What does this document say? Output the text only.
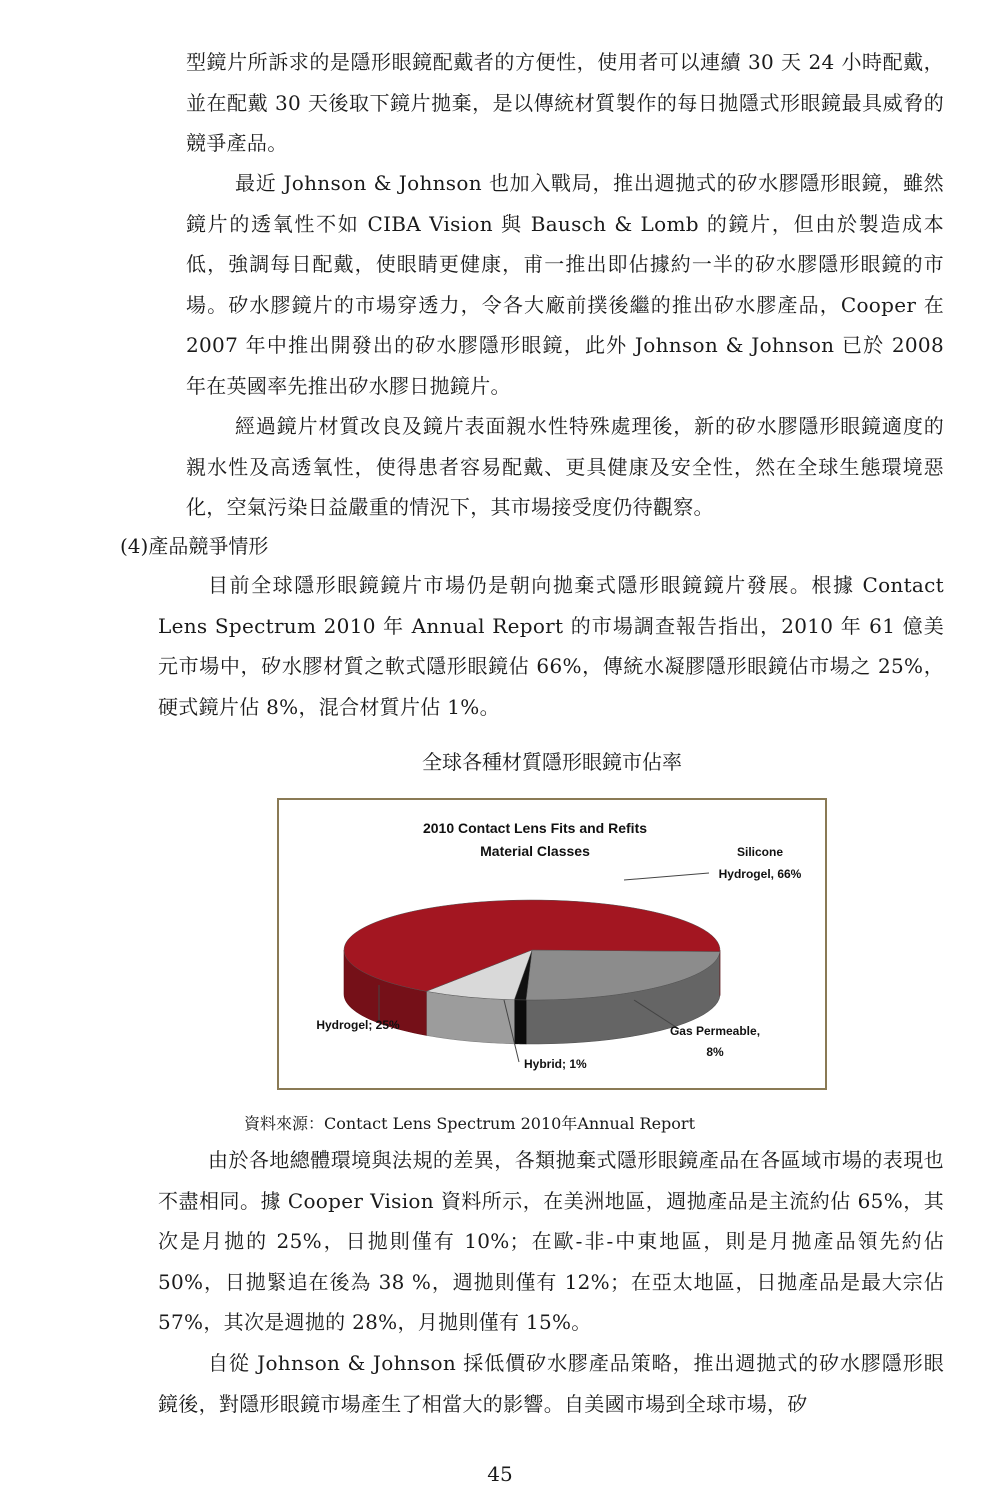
型鏡片所訴求的是隱形眼鏡配戴者的方便性，使用者可以連續 30 天 24 小時配戴，並在配戴 30 天後取下鏡片拋棄，是以傳統材質製作的每日拋隱式形眼鏡最具威脅的競爭產品。

最近 Johnson & Johnson 也加入戰局，推出週拋式的矽水膠隱形眼鏡，雖然鏡片的透氧性不如 CIBA Vision 與 Bausch & Lomb 的鏡片，但由於製造成本低，強調每日配戴，使眼睛更健康，甫一推出即佔據約一半的矽水膠隱形眼鏡的市場。矽水膠鏡片的市場穿透力，令各大廠前撲後繼的推出矽水膠產品，Cooper 在 2007 年中推出開發出的矽水膠隱形眼鏡，此外 Johnson & Johnson 已於 2008 年在英國率先推出矽水膠日拋鏡片。

經過鏡片材質改良及鏡片表面親水性特殊處理後，新的矽水膠隱形眼鏡適度的親水性及高透氧性，使得患者容易配戴、更具健康及安全性，然在全球生態環境惡化，空氣污染日益嚴重的情況下，其市場接受度仍待觀察。

(4)產品競爭情形

目前全球隱形眼鏡鏡片市場仍是朝向拋棄式隱形眼鏡鏡片發展。根據 Contact Lens Spectrum 2010 年 Annual Report 的市場調查報告指出，2010 年 61 億美元市場中，矽水膠材質之軟式隱形眼鏡佔 66%，傳統水凝膠隱形眼鏡佔市場之 25%，硬式鏡片佔 8%，混合材質片佔 1%。

全球各種材質隱形眼鏡市佔率

2010 Contact Lens Fits and Refits
Material Classes	Silicone
Hydrogel, 66%
Gas Permeable,
8%
Hybrid; 1%
Hydrogel; 25%

資料來源：Contact Lens Spectrum 2010年Annual Report

由於各地總體環境與法規的差異，各類拋棄式隱形眼鏡產品在各區域市場的表現也不盡相同。據 Cooper Vision 資料所示，在美洲地區，週拋產品是主流約佔 65%，其次是月拋的 25%，日拋則僅有 10%；在歐-非-中東地區，則是月拋產品領先約佔 50%，日拋緊追在後為 38 %，週拋則僅有 12%；在亞太地區，日拋產品是最大宗佔 57%，其次是週拋的 28%，月拋則僅有 15%。

自從 Johnson & Johnson 採低價矽水膠產品策略，推出週拋式的矽水膠隱形眼鏡後，對隱形眼鏡市場產生了相當大的影響。自美國市場到全球市場，矽

45
